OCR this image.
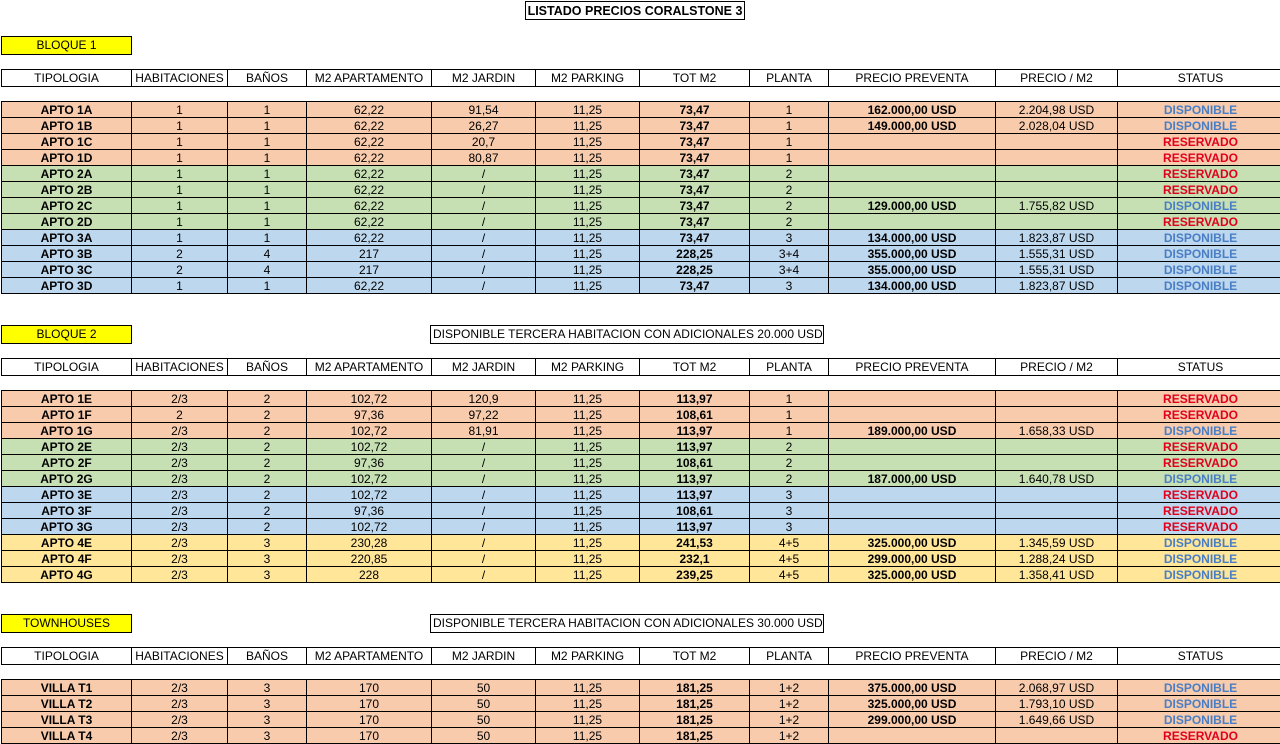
LISTADO PRECIOS CORALSTONE 3
BLOQUE 1
TIPOLOGIA	HABITACIONES	BAÑOS	M2 APARTAMENTO	M2 JARDIN	M2 PARKING	TOT M2	PLANTA	PRECIO PREVENTA	PRECIO / M2	STATUS

APTO 1A	1	1	62,22	91,54	11,25	73,47	1	162.000,00 USD	2.204,98 USD	DISPONIBLE
APTO 1B	1	1	62,22	26,27	11,25	73,47	1	149.000,00 USD	2.028,04 USD	DISPONIBLE
APTO 1C	1	1	62,22	20,7	11,25	73,47	1			RESERVADO
APTO 1D	1	1	62,22	80,87	11,25	73,47	1			RESERVADO
APTO 2A	1	1	62,22	/	11,25	73,47	2			RESERVADO
APTO 2B	1	1	62,22	/	11,25	73,47	2			RESERVADO
APTO 2C	1	1	62,22	/	11,25	73,47	2	129.000,00 USD	1.755,82 USD	DISPONIBLE
APTO 2D	1	1	62,22	/	11,25	73,47	2			RESERVADO
APTO 3A	1	1	62,22	/	11,25	73,47	3	134.000,00 USD	1.823,87 USD	DISPONIBLE
APTO 3B	2	4	217	/	11,25	228,25	3+4	355.000,00 USD	1.555,31 USD	DISPONIBLE
APTO 3C	2	4	217	/	11,25	228,25	3+4	355.000,00 USD	1.555,31 USD	DISPONIBLE
APTO 3D	1	1	62,22	/	11,25	73,47	3	134.000,00 USD	1.823,87 USD	DISPONIBLE
BLOQUE 2	DISPONIBLE TERCERA HABITACION CON ADICIONALES 20.000 USD
TIPOLOGIA	HABITACIONES	BAÑOS	M2 APARTAMENTO	M2 JARDIN	M2 PARKING	TOT M2	PLANTA	PRECIO PREVENTA	PRECIO / M2	STATUS

APTO 1E	2/3	2	102,72	120,9	11,25	113,97	1			RESERVADO
APTO 1F	2	2	97,36	97,22	11,25	108,61	1			RESERVADO
APTO 1G	2/3	2	102,72	81,91	11,25	113,97	1	189.000,00 USD	1.658,33 USD	DISPONIBLE
APTO 2E	2/3	2	102,72	/	11,25	113,97	2			RESERVADO
APTO 2F	2/3	2	97,36	/	11,25	108,61	2			RESERVADO
APTO 2G	2/3	2	102,72	/	11,25	113,97	2	187.000,00 USD	1.640,78 USD	DISPONIBLE
APTO 3E	2/3	2	102,72	/	11,25	113,97	3			RESERVADO
APTO 3F	2/3	2	97,36	/	11,25	108,61	3			RESERVADO
APTO 3G	2/3	2	102,72	/	11,25	113,97	3			RESERVADO
APTO 4E	2/3	3	230,28	/	11,25	241,53	4+5	325.000,00 USD	1.345,59 USD	DISPONIBLE
APTO 4F	2/3	3	220,85	/	11,25	232,1	4+5	299.000,00 USD	1.288,24 USD	DISPONIBLE
APTO 4G	2/3	3	228	/	11,25	239,25	4+5	325.000,00 USD	1.358,41 USD	DISPONIBLE
TOWNHOUSES	DISPONIBLE TERCERA HABITACION CON ADICIONALES 30.000 USD
TIPOLOGIA	HABITACIONES	BAÑOS	M2 APARTAMENTO	M2 JARDIN	M2 PARKING	TOT M2	PLANTA	PRECIO PREVENTA	PRECIO / M2	STATUS

VILLA T1	2/3	3	170	50	11,25	181,25	1+2	375.000,00 USD	2.068,97 USD	DISPONIBLE
VILLA T2	2/3	3	170	50	11,25	181,25	1+2	325.000,00 USD	1.793,10 USD	DISPONIBLE
VILLA T3	2/3	3	170	50	11,25	181,25	1+2	299.000,00 USD	1.649,66 USD	DISPONIBLE
VILLA T4	2/3	3	170	50	11,25	181,25	1+2			RESERVADO
